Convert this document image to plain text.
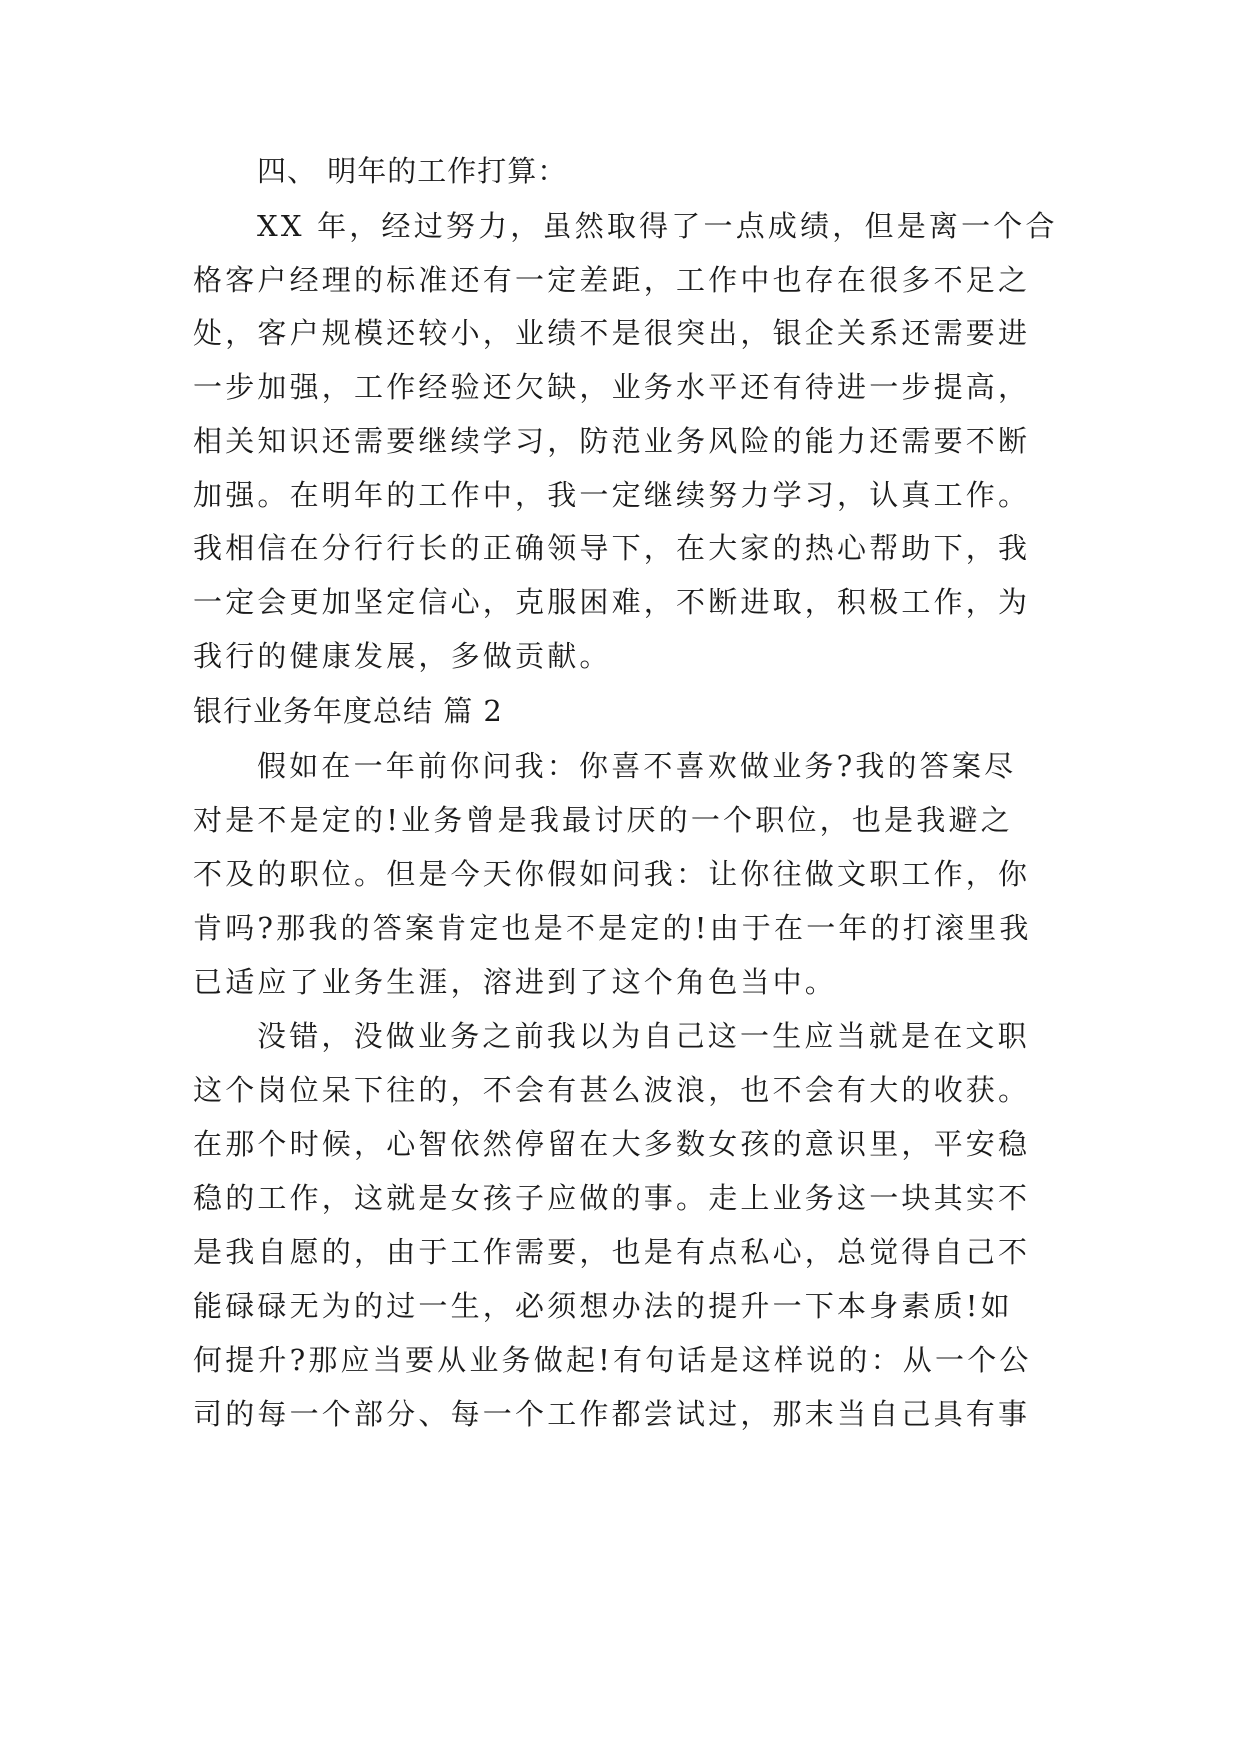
四、 明年的工作打算：
XX 年，经过努力，虽然取得了一点成绩，但是离一个合
格客户经理的标准还有一定差距，工作中也存在很多不足之
处，客户规模还较小，业绩不是很突出，银企关系还需要进
一步加强，工作经验还欠缺，业务水平还有待进一步提高，
相关知识还需要继续学习，防范业务风险的能力还需要不断
加强。在明年的工作中，我一定继续努力学习，认真工作。
我相信在分行行长的正确领导下，在大家的热心帮助下，我
一定会更加坚定信心，克服困难，不断进取，积极工作，为
我行的健康发展，多做贡献。
银行业务年度总结 篇 2
假如在一年前你问我：你喜不喜欢做业务?我的答案尽
对是不是定的!业务曾是我最讨厌的一个职位，也是我避之
不及的职位。但是今天你假如问我：让你往做文职工作，你
肯吗?那我的答案肯定也是不是定的!由于在一年的打滚里我
已适应了业务生涯，溶进到了这个角色当中。
没错，没做业务之前我以为自己这一生应当就是在文职
这个岗位呆下往的，不会有甚么波浪，也不会有大的收获。
在那个时候，心智依然停留在大多数女孩的意识里，平安稳
稳的工作，这就是女孩子应做的事。走上业务这一块其实不
是我自愿的，由于工作需要，也是有点私心，总觉得自己不
能碌碌无为的过一生，必须想办法的提升一下本身素质!如
何提升?那应当要从业务做起!有句话是这样说的：从一个公
司的每一个部分、每一个工作都尝试过，那末当自己具有事
